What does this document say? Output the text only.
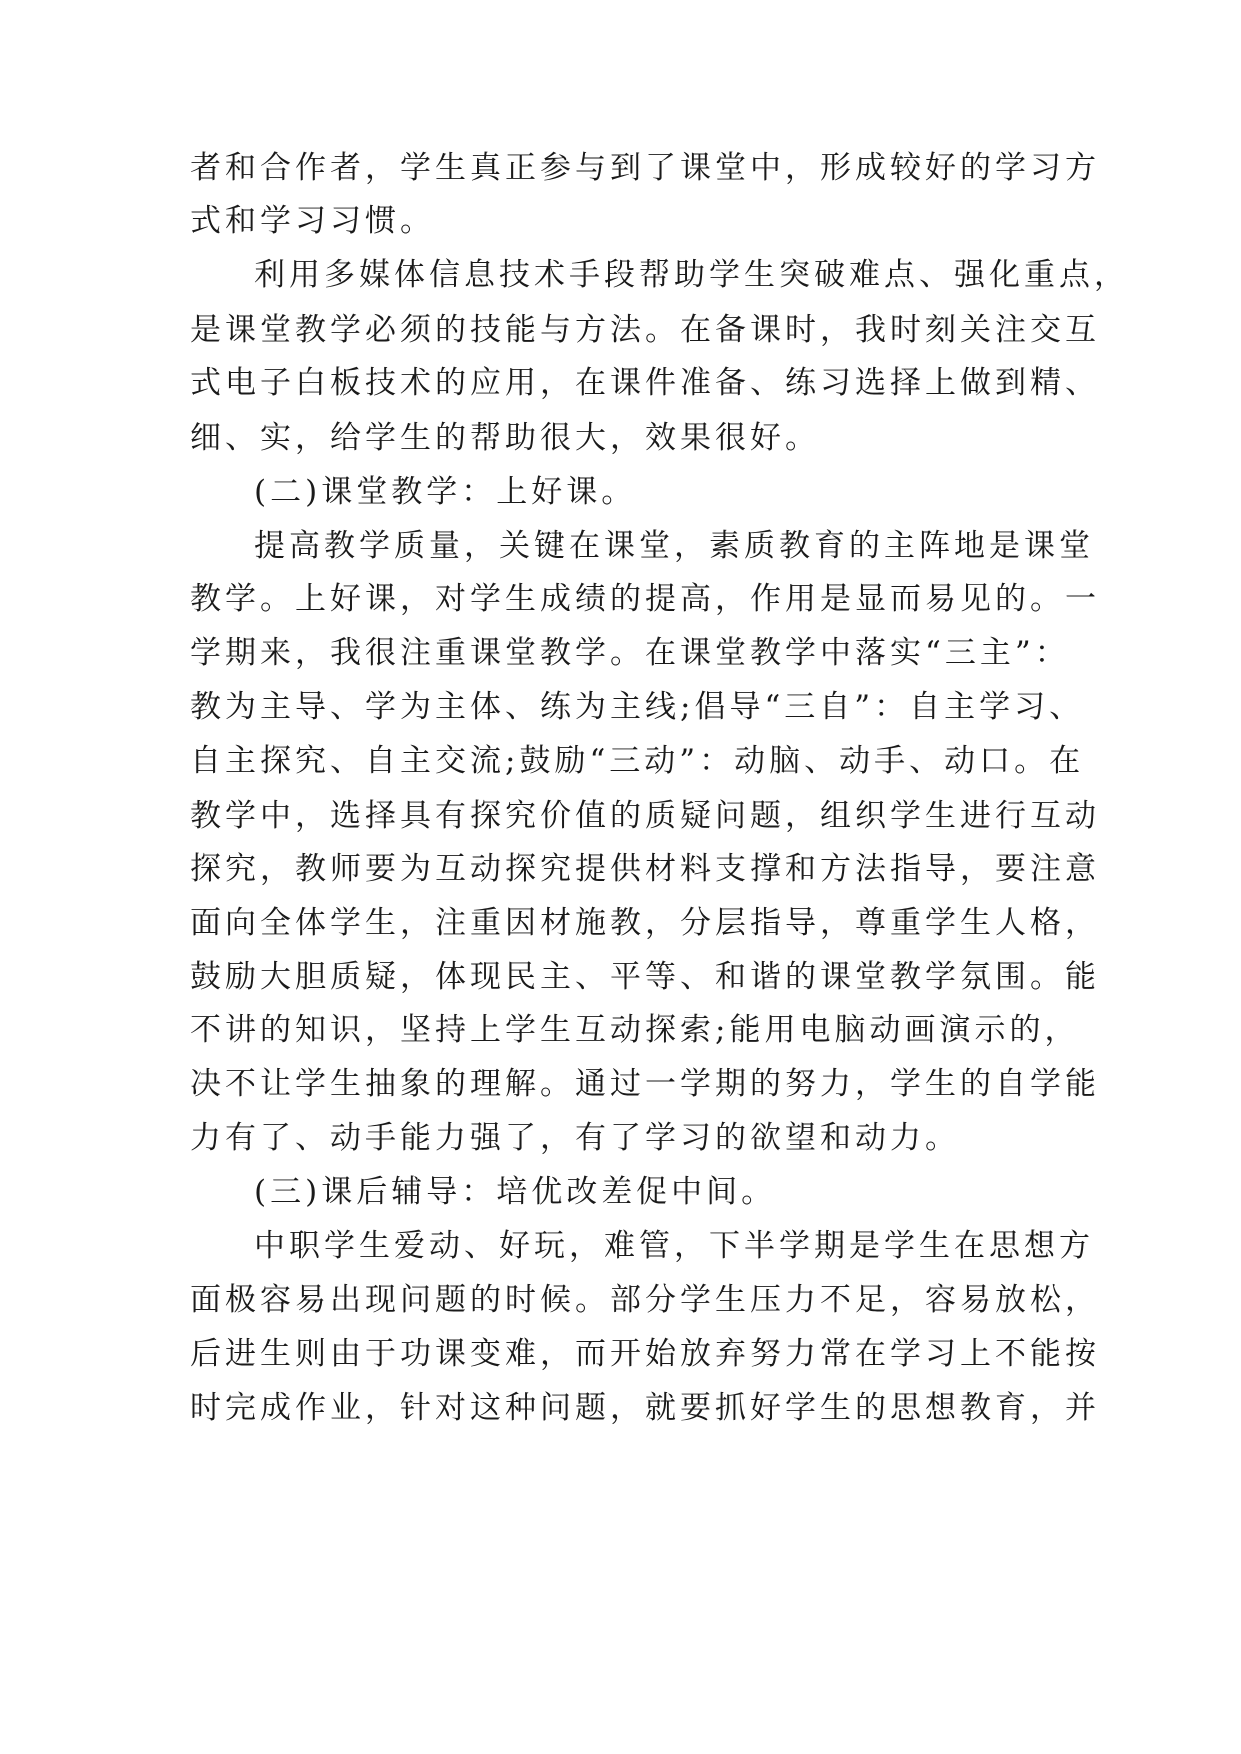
者和合作者，学生真正参与到了课堂中，形成较好的学习方
式和学习习惯。
利用多媒体信息技术手段帮助学生突破难点、强化重点，
是课堂教学必须的技能与方法。在备课时，我时刻关注交互
式电子白板技术的应用，在课件准备、练习选择上做到精、
细、实，给学生的帮助很大，效果很好。
(二)课堂教学：上好课。
提高教学质量，关键在课堂，素质教育的主阵地是课堂
教学。上好课，对学生成绩的提高，作用是显而易见的。一
学期来，我很注重课堂教学。在课堂教学中落实“三主”：
教为主导、学为主体、练为主线;倡导“三自”：自主学习、
自主探究、自主交流;鼓励“三动”：动脑、动手、动口。在
教学中，选择具有探究价值的质疑问题，组织学生进行互动
探究，教师要为互动探究提供材料支撑和方法指导，要注意
面向全体学生，注重因材施教，分层指导，尊重学生人格，
鼓励大胆质疑，体现民主、平等、和谐的课堂教学氛围。能
不讲的知识，坚持上学生互动探索;能用电脑动画演示的，
决不让学生抽象的理解。通过一学期的努力，学生的自学能
力有了、动手能力强了，有了学习的欲望和动力。
(三)课后辅导：培优改差促中间。
中职学生爱动、好玩，难管，下半学期是学生在思想方
面极容易出现问题的时候。部分学生压力不足，容易放松，
后进生则由于功课变难，而开始放弃努力常在学习上不能按
时完成作业，针对这种问题，就要抓好学生的思想教育，并
